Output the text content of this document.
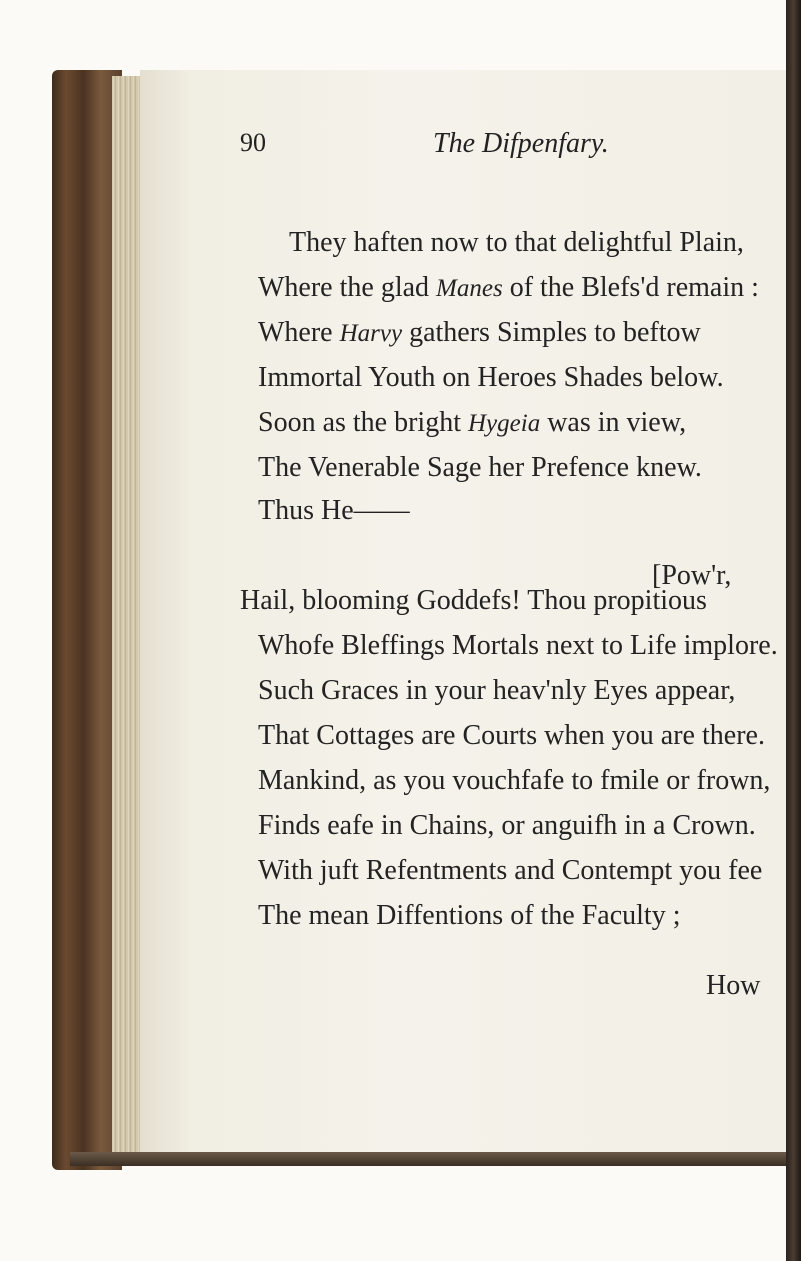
90	The Difpenfary.

They haften now to that delightful Plain,

Where the glad Manes of the Blefs'd remain :

Where Harvy gathers Simples to beftow

Immortal Youth on Heroes Shades below.

Soon as the bright Hygeia was in view,

The Venerable Sage her Prefence knew.

Thus He——

[Pow'r,

Hail, blooming Goddefs! Thou propitious

Whofe Bleffings Mortals next to Life implore.

Such Graces in your heav'nly Eyes appear,

That Cottages are Courts when you are there.

Mankind, as you vouchfafe to fmile or frown,

Finds eafe in Chains, or anguifh in a Crown.

With juft Refentments and Contempt you fee

The mean Diffentions of the Faculty ;

How
